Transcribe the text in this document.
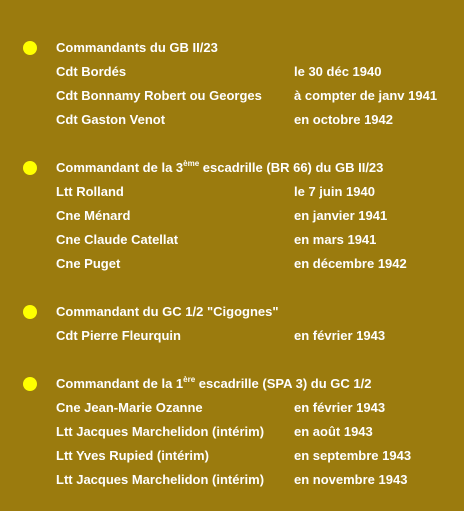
Commandants du GB II/23
Cdt Bordés	le 30 déc 1940
Cdt Bonnamy Robert ou Georges à compter de janv 1941
Cdt Gaston Venot	en octobre 1942
Commandant de la 3ème escadrille (BR 66) du GB II/23
Ltt Rolland	le 7 juin 1940
Cne Ménard	en janvier 1941
Cne Claude Catellat	en mars 1941
Cne Puget	en décembre 1942
Commandant du GC 1/2 "Cigognes"
Cdt Pierre Fleurquin	en février 1943
Commandant de la 1ère escadrille (SPA 3) du GC 1/2
Cne Jean-Marie Ozanne	en février 1943
Ltt Jacques Marchelidon (intérim) en août 1943
Ltt Yves Rupied (intérim)	en septembre 1943
Ltt Jacques Marchelidon (intérim) en novembre 1943
